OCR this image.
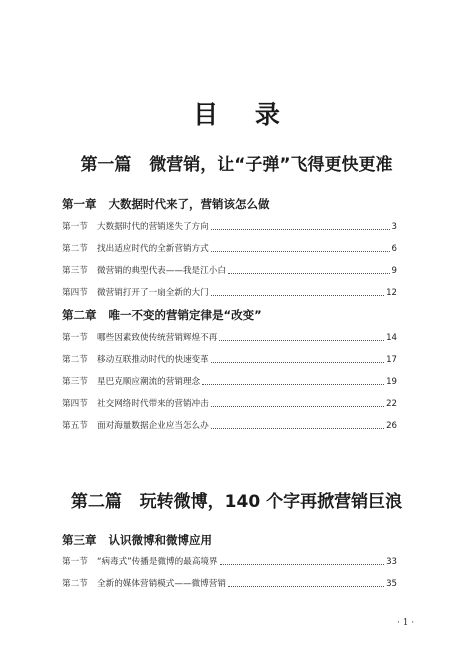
目 录
第一篇   微营销，让“子弹”飞得更快更准
第一章   大数据时代来了，营销该怎么做
第一节	大数据时代的营销迷失了方向	3
第二节	找出适应时代的全新营销方式	6
第三节	微营销的典型代表——我是江小白	9
第四节	微营销打开了一扇全新的大门	12
第二章   唯一不变的营销定律是“改变”
第一节	哪些因素致使传统营销辉煌不再	14
第二节	移动互联推动时代的快速变革	17
第三节	星巴克顺应潮流的营销理念	19
第四节	社交网络时代带来的营销冲击	22
第五节	面对海量数据企业应当怎么办	26
第二篇   玩转微博，140 个字再掀营销巨浪
第三章   认识微博和微博应用
第一节	“病毒式”传播是微博的最高境界	33
第二节	全新的媒体营销模式——微博营销	35
· 1 ·
